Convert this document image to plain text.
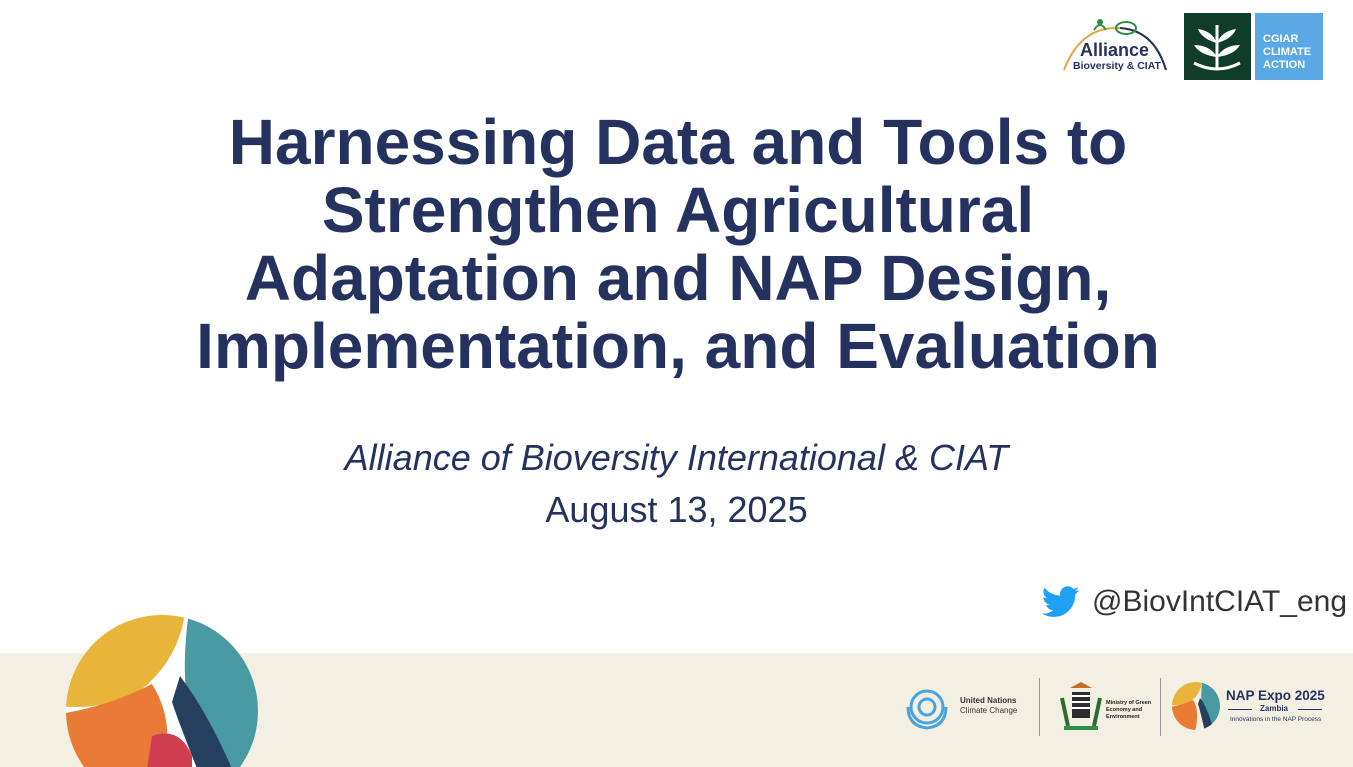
Alliance
Bioversity & CIAT
CGIAR
CLIMATE
ACTION
Harnessing Data and Tools to
Strengthen Agricultural
Adaptation and NAP Design,
Implementation, and Evaluation
Alliance of Bioversity International & CIAT
August 13, 2025
@BiovIntCIAT_eng
United Nations
Climate Change
Ministry of Green
Economy and
Environment
NAP Expo 2025
Zambia
Innovations in the NAP Process
